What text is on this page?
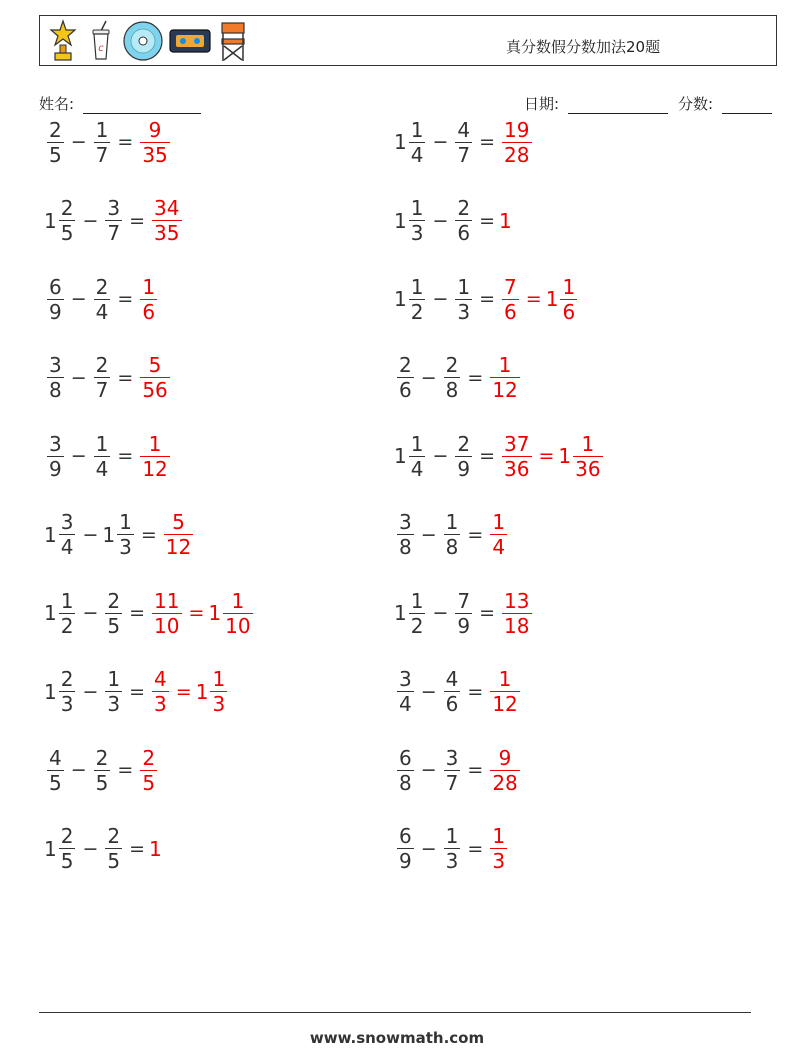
c	真分数假分数加法20题
姓名:	日期:	分数:
$\frac{2}{5} - \frac{1}{7} = \frac{9}{35}$	$1 \frac{1}{4} - \frac{4}{7} = \frac{19}{28}$
$1 \frac{2}{5} - \frac{3}{7} = \frac{34}{35}$	$1 \frac{1}{3} - \frac{2}{6} = 1$
$\frac{6}{9} - \frac{2}{4} = \frac{1}{6}$	$1 \frac{1}{2} - \frac{1}{3} = \frac{7}{6} = 1 \frac{1}{6}$
$\frac{3}{8} - \frac{2}{7} = \frac{5}{56}$	$\frac{2}{6} - \frac{2}{8} = \frac{1}{12}$
$\frac{3}{9} - \frac{1}{4} = \frac{1}{12}$	$1 \frac{1}{4} - \frac{2}{9} = \frac{37}{36} = 1 \frac{1}{36}$
$1 \frac{3}{4} - 1 \frac{1}{3} = \frac{5}{12}$	$\frac{3}{8} - \frac{1}{8} = \frac{1}{4}$
$1 \frac{1}{2} - \frac{2}{5} = \frac{11}{10} = 1 \frac{1}{10}$	$1 \frac{1}{2} - \frac{7}{9} = \frac{13}{18}$
$1 \frac{2}{3} - \frac{1}{3} = \frac{4}{3} = 1 \frac{1}{3}$	$\frac{3}{4} - \frac{4}{6} = \frac{1}{12}$
$\frac{4}{5} - \frac{2}{5} = \frac{2}{5}$	$\frac{6}{8} - \frac{3}{7} = \frac{9}{28}$
$1 \frac{2}{5} - \frac{2}{5} = 1$	$\frac{6}{9} - \frac{1}{3} = \frac{1}{3}$
www.snowmath.com
